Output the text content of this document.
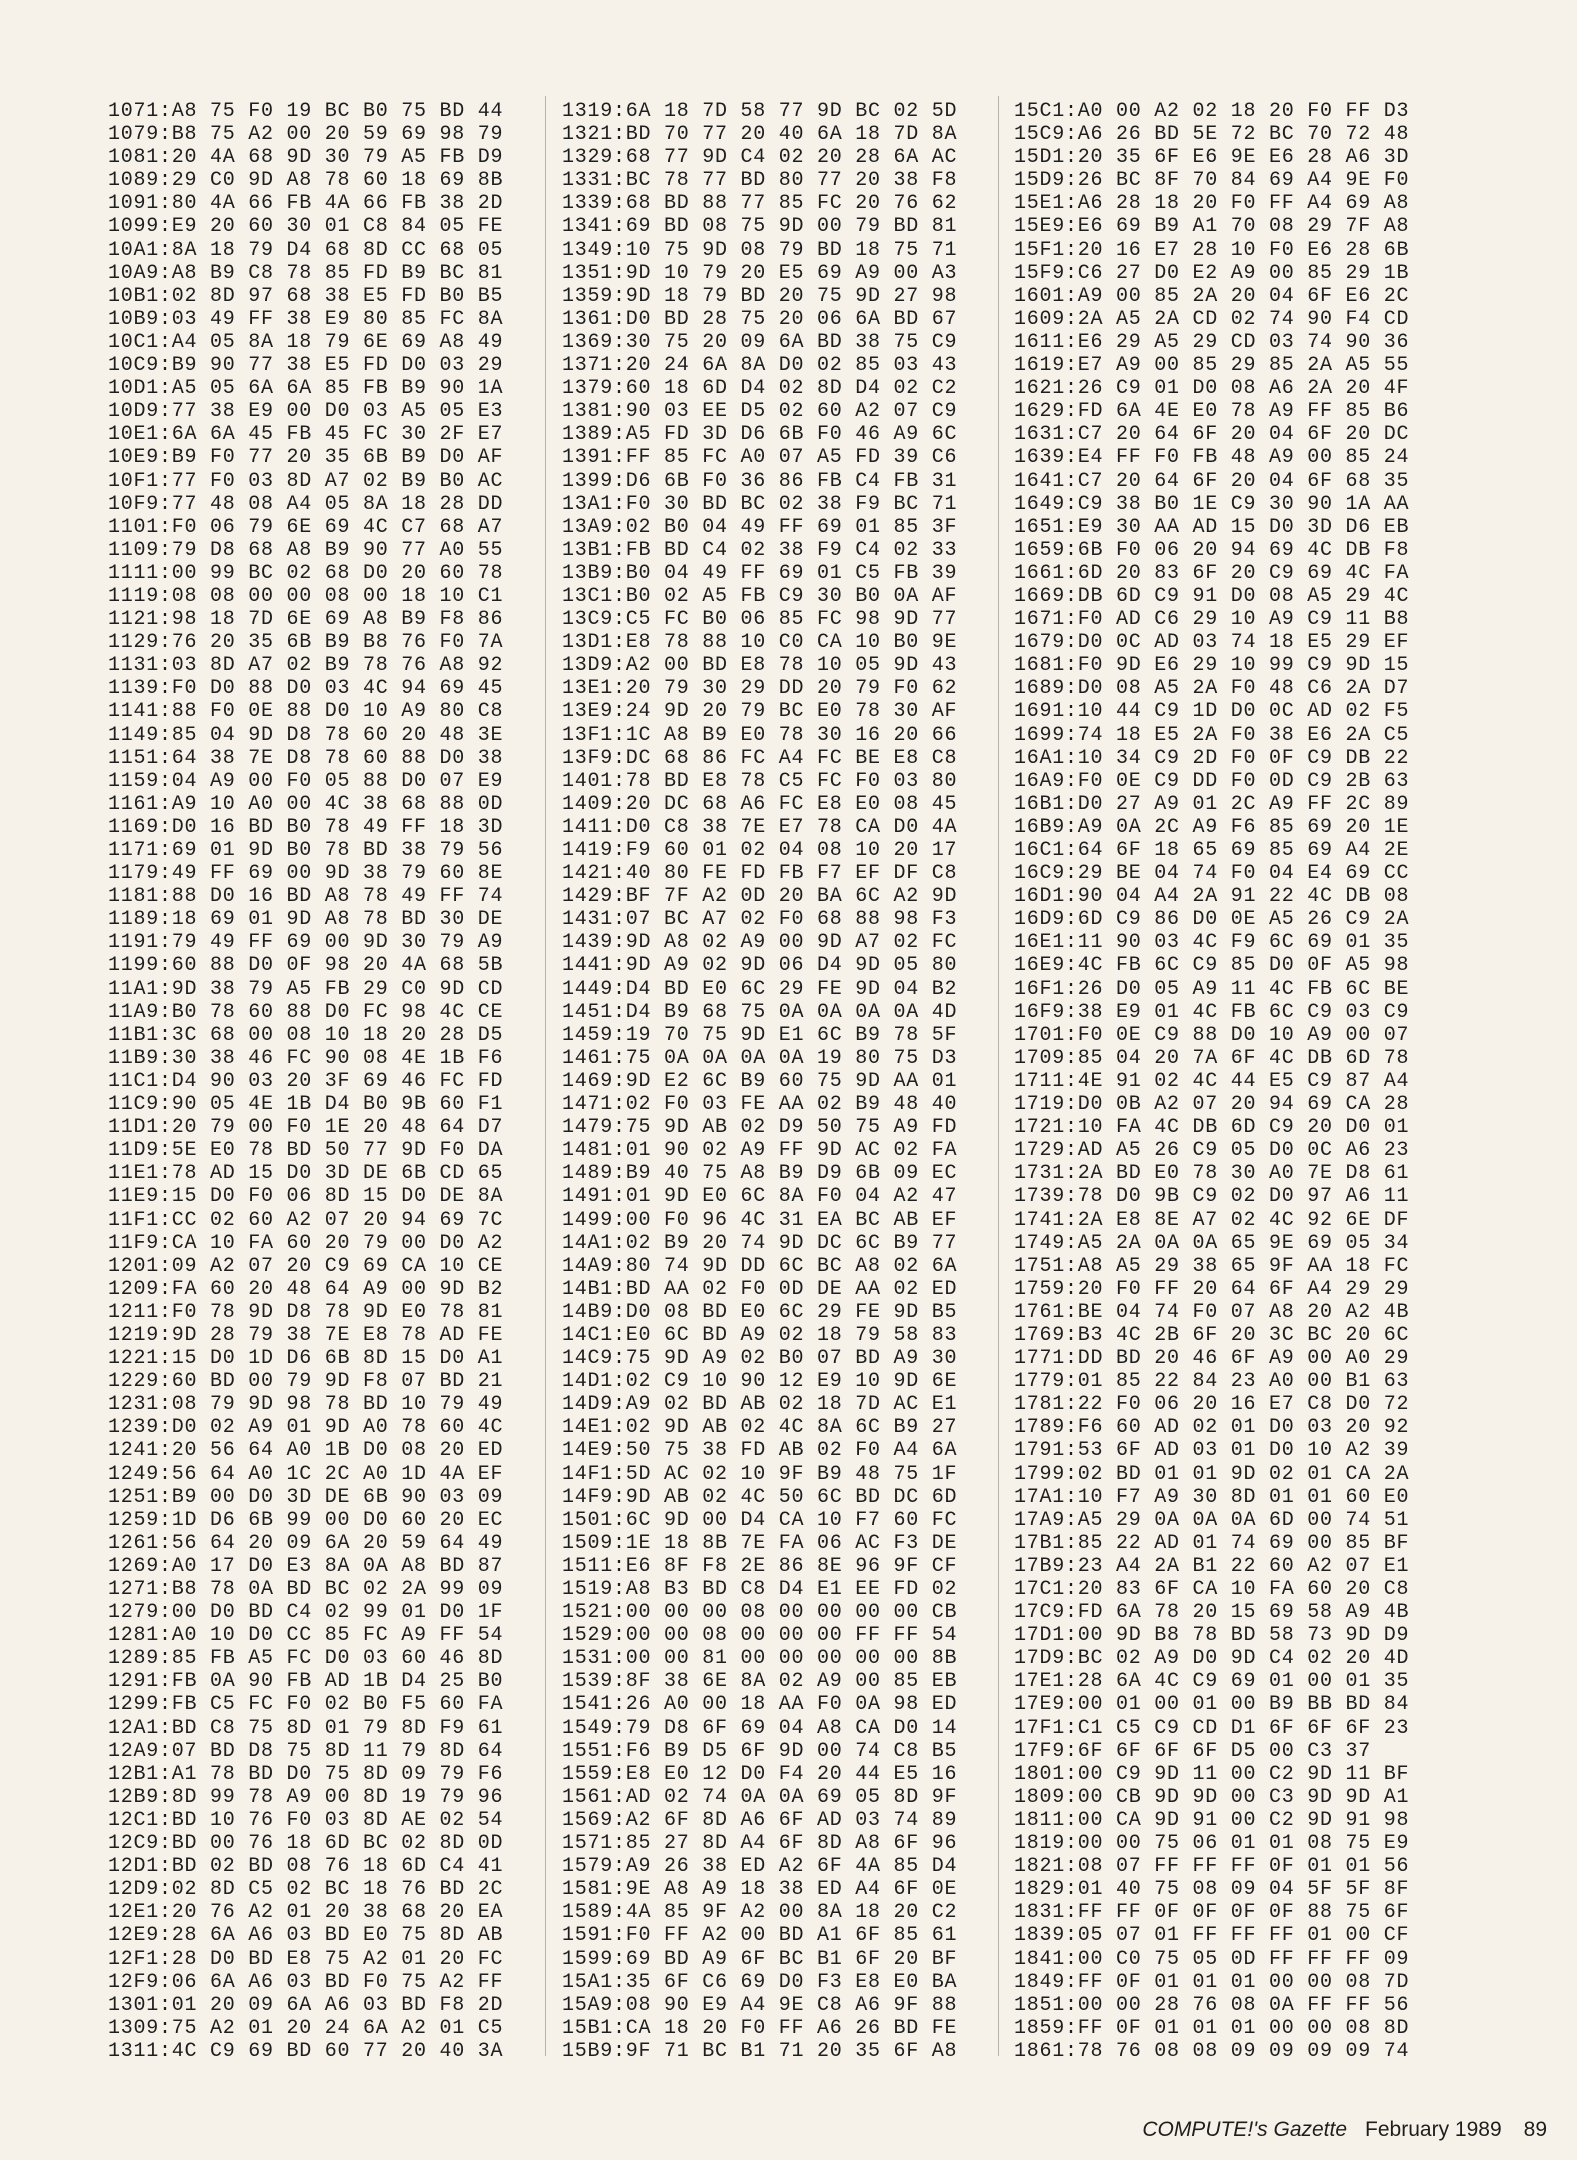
1071:A8 75 F0 19 BC B0 75 BD 44
1079:B8 75 A2 00 20 59 69 98 79
1081:20 4A 68 9D 30 79 A5 FB D9
1089:29 C0 9D A8 78 60 18 69 8B
1091:80 4A 66 FB 4A 66 FB 38 2D
1099:E9 20 60 30 01 C8 84 05 FE
10A1:8A 18 79 D4 68 8D CC 68 05
10A9:A8 B9 C8 78 85 FD B9 BC 81
10B1:02 8D 97 68 38 E5 FD B0 B5
10B9:03 49 FF 38 E9 80 85 FC 8A
10C1:A4 05 8A 18 79 6E 69 A8 49
10C9:B9 90 77 38 E5 FD D0 03 29
10D1:A5 05 6A 6A 85 FB B9 90 1A
10D9:77 38 E9 00 D0 03 A5 05 E3
10E1:6A 6A 45 FB 45 FC 30 2F E7
10E9:B9 F0 77 20 35 6B B9 D0 AF
10F1:77 F0 03 8D A7 02 B9 B0 AC
10F9:77 48 08 A4 05 8A 18 28 DD
1101:F0 06 79 6E 69 4C C7 68 A7
1109:79 D8 68 A8 B9 90 77 A0 55
1111:00 99 BC 02 68 D0 20 60 78
1119:08 08 00 00 08 00 18 10 C1
1121:98 18 7D 6E 69 A8 B9 F8 86
1129:76 20 35 6B B9 B8 76 F0 7A
1131:03 8D A7 02 B9 78 76 A8 92
1139:F0 D0 88 D0 03 4C 94 69 45
1141:88 F0 0E 88 D0 10 A9 80 C8
1149:85 04 9D D8 78 60 20 48 3E
1151:64 38 7E D8 78 60 88 D0 38
1159:04 A9 00 F0 05 88 D0 07 E9
1161:A9 10 A0 00 4C 38 68 88 0D
1169:D0 16 BD B0 78 49 FF 18 3D
1171:69 01 9D B0 78 BD 38 79 56
1179:49 FF 69 00 9D 38 79 60 8E
1181:88 D0 16 BD A8 78 49 FF 74
1189:18 69 01 9D A8 78 BD 30 DE
1191:79 49 FF 69 00 9D 30 79 A9
1199:60 88 D0 0F 98 20 4A 68 5B
11A1:9D 38 79 A5 FB 29 C0 9D CD
11A9:B0 78 60 88 D0 FC 98 4C CE
11B1:3C 68 00 08 10 18 20 28 D5
11B9:30 38 46 FC 90 08 4E 1B F6
11C1:D4 90 03 20 3F 69 46 FC FD
11C9:90 05 4E 1B D4 B0 9B 60 F1
11D1:20 79 00 F0 1E 20 48 64 D7
11D9:5E E0 78 BD 50 77 9D F0 DA
11E1:78 AD 15 D0 3D DE 6B CD 65
11E9:15 D0 F0 06 8D 15 D0 DE 8A
11F1:CC 02 60 A2 07 20 94 69 7C
11F9:CA 10 FA 60 20 79 00 D0 A2
1201:09 A2 07 20 C9 69 CA 10 CE
1209:FA 60 20 48 64 A9 00 9D B2
1211:F0 78 9D D8 78 9D E0 78 81
1219:9D 28 79 38 7E E8 78 AD FE
1221:15 D0 1D D6 6B 8D 15 D0 A1
1229:60 BD 00 79 9D F8 07 BD 21
1231:08 79 9D 98 78 BD 10 79 49
1239:D0 02 A9 01 9D A0 78 60 4C
1241:20 56 64 A0 1B D0 08 20 ED
1249:56 64 A0 1C 2C A0 1D 4A EF
1251:B9 00 D0 3D DE 6B 90 03 09
1259:1D D6 6B 99 00 D0 60 20 EC
1261:56 64 20 09 6A 20 59 64 49
1269:A0 17 D0 E3 8A 0A A8 BD 87
1271:B8 78 0A BD BC 02 2A 99 09
1279:00 D0 BD C4 02 99 01 D0 1F
1281:A0 10 D0 CC 85 FC A9 FF 54
1289:85 FB A5 FC D0 03 60 46 8D
1291:FB 0A 90 FB AD 1B D4 25 B0
1299:FB C5 FC F0 02 B0 F5 60 FA
12A1:BD C8 75 8D 01 79 8D F9 61
12A9:07 BD D8 75 8D 11 79 8D 64
12B1:A1 78 BD D0 75 8D 09 79 F6
12B9:8D 99 78 A9 00 8D 19 79 96
12C1:BD 10 76 F0 03 8D AE 02 54
12C9:BD 00 76 18 6D BC 02 8D 0D
12D1:BD 02 BD 08 76 18 6D C4 41
12D9:02 8D C5 02 BC 18 76 BD 2C
12E1:20 76 A2 01 20 38 68 20 EA
12E9:28 6A A6 03 BD E0 75 8D AB
12F1:28 D0 BD E8 75 A2 01 20 FC
12F9:06 6A A6 03 BD F0 75 A2 FF
1301:01 20 09 6A A6 03 BD F8 2D
1309:75 A2 01 20 24 6A A2 01 C5
1311:4C C9 69 BD 60 77 20 40 3A
1319:6A 18 7D 58 77 9D BC 02 5D
1321:BD 70 77 20 40 6A 18 7D 8A
1329:68 77 9D C4 02 20 28 6A AC
1331:BC 78 77 BD 80 77 20 38 F8
1339:68 BD 88 77 85 FC 20 76 62
1341:69 BD 08 75 9D 00 79 BD 81
1349:10 75 9D 08 79 BD 18 75 71
1351:9D 10 79 20 E5 69 A9 00 A3
1359:9D 18 79 BD 20 75 9D 27 98
1361:D0 BD 28 75 20 06 6A BD 67
1369:30 75 20 09 6A BD 38 75 C9
1371:20 24 6A 8A D0 02 85 03 43
1379:60 18 6D D4 02 8D D4 02 C2
1381:90 03 EE D5 02 60 A2 07 C9
1389:A5 FD 3D D6 6B F0 46 A9 6C
1391:FF 85 FC A0 07 A5 FD 39 C6
1399:D6 6B F0 36 86 FB C4 FB 31
13A1:F0 30 BD BC 02 38 F9 BC 71
13A9:02 B0 04 49 FF 69 01 85 3F
13B1:FB BD C4 02 38 F9 C4 02 33
13B9:B0 04 49 FF 69 01 C5 FB 39
13C1:B0 02 A5 FB C9 30 B0 0A AF
13C9:C5 FC B0 06 85 FC 98 9D 77
13D1:E8 78 88 10 C0 CA 10 B0 9E
13D9:A2 00 BD E8 78 10 05 9D 43
13E1:20 79 30 29 DD 20 79 F0 62
13E9:24 9D 20 79 BC E0 78 30 AF
13F1:1C A8 B9 E0 78 30 16 20 66
13F9:DC 68 86 FC A4 FC BE E8 C8
1401:78 BD E8 78 C5 FC F0 03 80
1409:20 DC 68 A6 FC E8 E0 08 45
1411:D0 C8 38 7E E7 78 CA D0 4A
1419:F9 60 01 02 04 08 10 20 17
1421:40 80 FE FD FB F7 EF DF C8
1429:BF 7F A2 0D 20 BA 6C A2 9D
1431:07 BC A7 02 F0 68 88 98 F3
1439:9D A8 02 A9 00 9D A7 02 FC
1441:9D A9 02 9D 06 D4 9D 05 80
1449:D4 BD E0 6C 29 FE 9D 04 B2
1451:D4 B9 68 75 0A 0A 0A 0A 4D
1459:19 70 75 9D E1 6C B9 78 5F
1461:75 0A 0A 0A 0A 19 80 75 D3
1469:9D E2 6C B9 60 75 9D AA 01
1471:02 F0 03 FE AA 02 B9 48 40
1479:75 9D AB 02 D9 50 75 A9 FD
1481:01 90 02 A9 FF 9D AC 02 FA
1489:B9 40 75 A8 B9 D9 6B 09 EC
1491:01 9D E0 6C 8A F0 04 A2 47
1499:00 F0 96 4C 31 EA BC AB EF
14A1:02 B9 20 74 9D DC 6C B9 77
14A9:80 74 9D DD 6C BC A8 02 6A
14B1:BD AA 02 F0 0D DE AA 02 ED
14B9:D0 08 BD E0 6C 29 FE 9D B5
14C1:E0 6C BD A9 02 18 79 58 83
14C9:75 9D A9 02 B0 07 BD A9 30
14D1:02 C9 10 90 12 E9 10 9D 6E
14D9:A9 02 BD AB 02 18 7D AC E1
14E1:02 9D AB 02 4C 8A 6C B9 27
14E9:50 75 38 FD AB 02 F0 A4 6A
14F1:5D AC 02 10 9F B9 48 75 1F
14F9:9D AB 02 4C 50 6C BD DC 6D
1501:6C 9D 00 D4 CA 10 F7 60 FC
1509:1E 18 8B 7E FA 06 AC F3 DE
1511:E6 8F F8 2E 86 8E 96 9F CF
1519:A8 B3 BD C8 D4 E1 EE FD 02
1521:00 00 00 08 00 00 00 00 CB
1529:00 00 08 00 00 00 FF FF 54
1531:00 00 81 00 00 00 00 00 8B
1539:8F 38 6E 8A 02 A9 00 85 EB
1541:26 A0 00 18 AA F0 0A 98 ED
1549:79 D8 6F 69 04 A8 CA D0 14
1551:F6 B9 D5 6F 9D 00 74 C8 B5
1559:E8 E0 12 D0 F4 20 44 E5 16
1561:AD 02 74 0A 0A 69 05 8D 9F
1569:A2 6F 8D A6 6F AD 03 74 89
1571:85 27 8D A4 6F 8D A8 6F 96
1579:A9 26 38 ED A2 6F 4A 85 D4
1581:9E A8 A9 18 38 ED A4 6F 0E
1589:4A 85 9F A2 00 8A 18 20 C2
1591:F0 FF A2 00 BD A1 6F 85 61
1599:69 BD A9 6F BC B1 6F 20 BF
15A1:35 6F C6 69 D0 F3 E8 E0 BA
15A9:08 90 E9 A4 9E C8 A6 9F 88
15B1:CA 18 20 F0 FF A6 26 BD FE
15B9:9F 71 BC B1 71 20 35 6F A8
15C1:A0 00 A2 02 18 20 F0 FF D3
15C9:A6 26 BD 5E 72 BC 70 72 48
15D1:20 35 6F E6 9E E6 28 A6 3D
15D9:26 BC 8F 70 84 69 A4 9E F0
15E1:A6 28 18 20 F0 FF A4 69 A8
15E9:E6 69 B9 A1 70 08 29 7F A8
15F1:20 16 E7 28 10 F0 E6 28 6B
15F9:C6 27 D0 E2 A9 00 85 29 1B
1601:A9 00 85 2A 20 04 6F E6 2C
1609:2A A5 2A CD 02 74 90 F4 CD
1611:E6 29 A5 29 CD 03 74 90 36
1619:E7 A9 00 85 29 85 2A A5 55
1621:26 C9 01 D0 08 A6 2A 20 4F
1629:FD 6A 4E E0 78 A9 FF 85 B6
1631:C7 20 64 6F 20 04 6F 20 DC
1639:E4 FF F0 FB 48 A9 00 85 24
1641:C7 20 64 6F 20 04 6F 68 35
1649:C9 38 B0 1E C9 30 90 1A AA
1651:E9 30 AA AD 15 D0 3D D6 EB
1659:6B F0 06 20 94 69 4C DB F8
1661:6D 20 83 6F 20 C9 69 4C FA
1669:DB 6D C9 91 D0 08 A5 29 4C
1671:F0 AD C6 29 10 A9 C9 11 B8
1679:D0 0C AD 03 74 18 E5 29 EF
1681:F0 9D E6 29 10 99 C9 9D 15
1689:D0 08 A5 2A F0 48 C6 2A D7
1691:10 44 C9 1D D0 0C AD 02 F5
1699:74 18 E5 2A F0 38 E6 2A C5
16A1:10 34 C9 2D F0 0F C9 DB 22
16A9:F0 0E C9 DD F0 0D C9 2B 63
16B1:D0 27 A9 01 2C A9 FF 2C 89
16B9:A9 0A 2C A9 F6 85 69 20 1E
16C1:64 6F 18 65 69 85 69 A4 2E
16C9:29 BE 04 74 F0 04 E4 69 CC
16D1:90 04 A4 2A 91 22 4C DB 08
16D9:6D C9 86 D0 0E A5 26 C9 2A
16E1:11 90 03 4C F9 6C 69 01 35
16E9:4C FB 6C C9 85 D0 0F A5 98
16F1:26 D0 05 A9 11 4C FB 6C BE
16F9:38 E9 01 4C FB 6C C9 03 C9
1701:F0 0E C9 88 D0 10 A9 00 07
1709:85 04 20 7A 6F 4C DB 6D 78
1711:4E 91 02 4C 44 E5 C9 87 A4
1719:D0 0B A2 07 20 94 69 CA 28
1721:10 FA 4C DB 6D C9 20 D0 01
1729:AD A5 26 C9 05 D0 0C A6 23
1731:2A BD E0 78 30 A0 7E D8 61
1739:78 D0 9B C9 02 D0 97 A6 11
1741:2A E8 8E A7 02 4C 92 6E DF
1749:A5 2A 0A 0A 65 9E 69 05 34
1751:A8 A5 29 38 65 9F AA 18 FC
1759:20 F0 FF 20 64 6F A4 29 29
1761:BE 04 74 F0 07 A8 20 A2 4B
1769:B3 4C 2B 6F 20 3C BC 20 6C
1771:DD BD 20 46 6F A9 00 A0 29
1779:01 85 22 84 23 A0 00 B1 63
1781:22 F0 06 20 16 E7 C8 D0 72
1789:F6 60 AD 02 01 D0 03 20 92
1791:53 6F AD 03 01 D0 10 A2 39
1799:02 BD 01 01 9D 02 01 CA 2A
17A1:10 F7 A9 30 8D 01 01 60 E0
17A9:A5 29 0A 0A 0A 6D 00 74 51
17B1:85 22 AD 01 74 69 00 85 BF
17B9:23 A4 2A B1 22 60 A2 07 E1
17C1:20 83 6F CA 10 FA 60 20 C8
17C9:FD 6A 78 20 15 69 58 A9 4B
17D1:00 9D B8 78 BD 58 73 9D D9
17D9:BC 02 A9 D0 9D C4 02 20 4D
17E1:28 6A 4C C9 69 01 00 01 35
17E9:00 01 00 01 00 B9 BB BD 84
17F1:C1 C5 C9 CD D1 6F 6F 6F 23
17F9:6F 6F 6F 6F D5 00 C3 37
1801:00 C9 9D 11 00 C2 9D 11 BF
1809:00 CB 9D 9D 00 C3 9D 9D A1
1811:00 CA 9D 91 00 C2 9D 91 98
1819:00 00 75 06 01 01 08 75 E9
1821:08 07 FF FF FF 0F 01 01 56
1829:01 40 75 08 09 04 5F 5F 8F
1831:FF FF 0F 0F 0F 0F 88 75 6F
1839:05 07 01 FF FF FF 01 00 CF
1841:00 C0 75 05 0D FF FF FF 09
1849:FF 0F 01 01 01 00 00 08 7D
1851:00 00 28 76 08 0A FF FF 56
1859:FF 0F 01 01 01 00 00 08 8D
1861:78 76 08 08 09 09 09 09 74
COMPUTE!'s Gazette February 1989 89
